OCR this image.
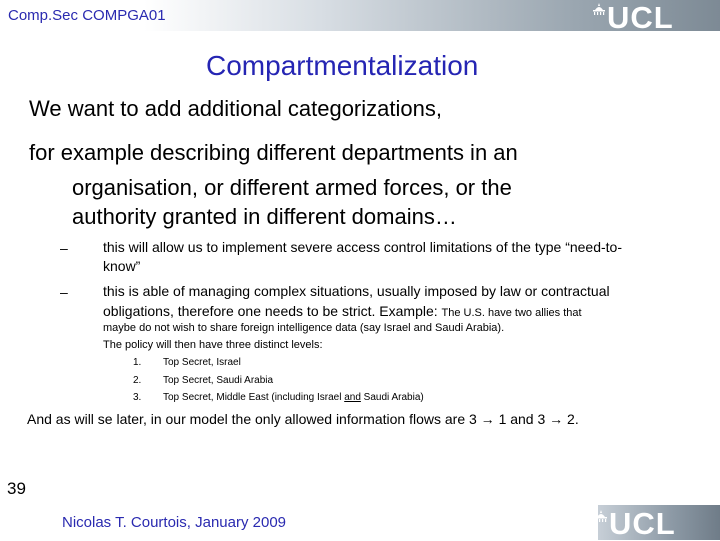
Comp.Sec COMPGA01	UCL
Compartmentalization
We want to add additional categorizations,
for example describing different departments in an
organisation, or different armed forces, or the
authority granted in different domains…
–	this will allow us to implement severe access control limitations of the type “need-to-
know”
–	this is able of managing complex situations, usually imposed by law or contractual
obligations, therefore one needs to be strict. Example: The U.S. have two allies that
maybe do not wish to share foreign intelligence data (say Israel and Saudi Arabia).
The policy will then have three distinct levels:
1. Top Secret, Israel
2. Top Secret, Saudi Arabia
3. Top Secret, Middle East (including Israel and Saudi Arabia)
And as will se later, in our model the only allowed information flows are 3 → 1 and 3 → 2.
39
Nicolas T. Courtois, January 2009	UCL
